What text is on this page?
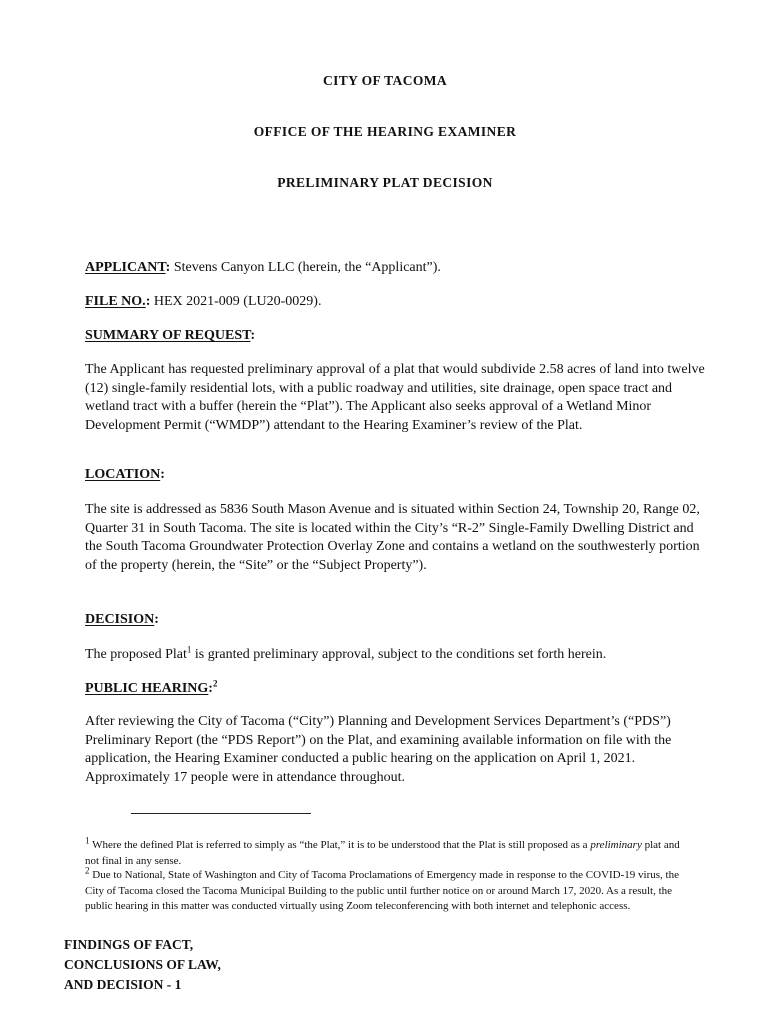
CITY OF TACOMA
OFFICE OF THE HEARING EXAMINER
PRELIMINARY PLAT DECISION
APPLICANT: Stevens Canyon LLC (herein, the “Applicant”).
FILE NO.: HEX 2021-009 (LU20-0029).
SUMMARY OF REQUEST:
The Applicant has requested preliminary approval of a plat that would subdivide 2.58 acres of land into twelve (12) single-family residential lots, with a public roadway and utilities, site drainage, open space tract and wetland tract with a buffer (herein the “Plat”). The Applicant also seeks approval of a Wetland Minor Development Permit (“WMDP”) attendant to the Hearing Examiner’s review of the Plat.
LOCATION:
The site is addressed as 5836 South Mason Avenue and is situated within Section 24, Township 20, Range 02, Quarter 31 in South Tacoma. The site is located within the City’s “R-2” Single-Family Dwelling District and the South Tacoma Groundwater Protection Overlay Zone and contains a wetland on the southwesterly portion of the property (herein, the “Site” or the “Subject Property”).
DECISION:
The proposed Plat$^1$ is granted preliminary approval, subject to the conditions set forth herein.
PUBLIC HEARING:$^2$
After reviewing the City of Tacoma (“City”) Planning and Development Services Department’s (“PDS”) Preliminary Report (the “PDS Report”) on the Plat, and examining available information on file with the application, the Hearing Examiner conducted a public hearing on the application on April 1, 2021. Approximately 17 people were in attendance throughout.
$^1$ Where the defined Plat is referred to simply as “the Plat,” it is to be understood that the Plat is still proposed as a preliminary plat and not final in any sense.
$^2$ Due to National, State of Washington and City of Tacoma Proclamations of Emergency made in response to the COVID-19 virus, the City of Tacoma closed the Tacoma Municipal Building to the public until further notice on or around March 17, 2020. As a result, the public hearing in this matter was conducted virtually using Zoom teleconferencing with both internet and telephonic access.
FINDINGS OF FACT,
CONCLUSIONS OF LAW,
AND DECISION - 1
